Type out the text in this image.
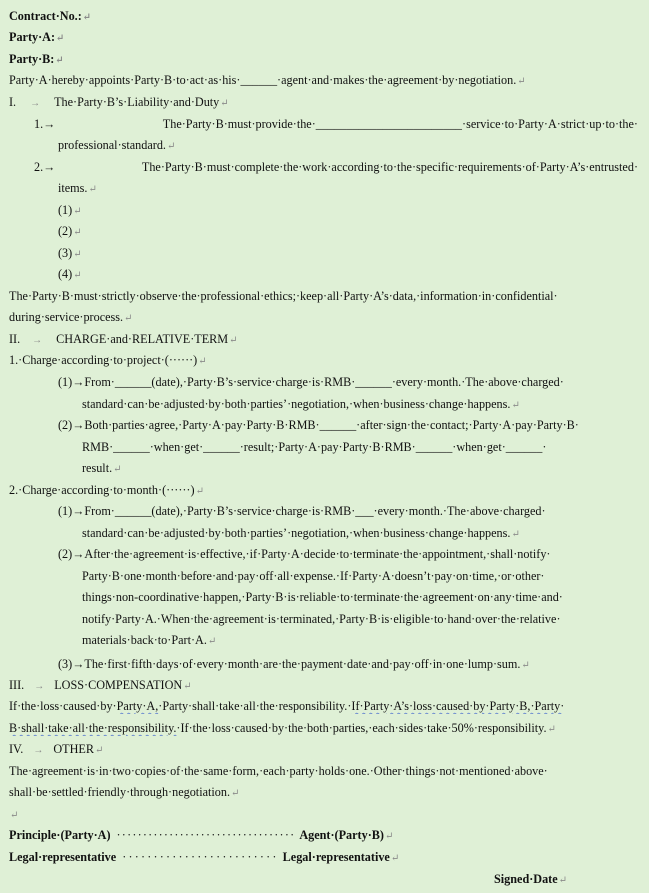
Contract·No.:↵
Party·A:↵
Party·B:↵
Party·A·hereby·appoints·Party·B·to·act·as·his·______·agent·and·makes·the·agreement·by·negotiation.↵
I. → The·Party·B’s·Liability·and·Duty↵
1.→ The·Party·B·must·provide·the·________________________·service·to·Party·A·strict·up·to·the·
professional·standard.↵
2.→ The·Party·B·must·complete·the·work·according·to·the·specific·requirements·of·Party·A’s·entrusted·
items.↵
(1)↵
(2)↵
(3)↵
(4)↵
The·Party·B·must·strictly·observe·the·professional·ethics;·keep·all·Party·A’s·data,·information·in·confidential·
during·service·process.↵
II. → CHARGE·and·RELATIVE·TERM↵
1.·Charge·according·to·project·(······)↵
(1)→From·______(date),·Party·B’s·service·charge·is·RMB·______·every·month.·The·above·charged·
standard·can·be·adjusted·by·both·parties’·negotiation,·when·business·change·happens.↵
(2)→Both·parties·agree,·Party·A·pay·Party·B·RMB·______·after·sign·the·contact;·Party·A·pay·Party·B·
RMB·______·when·get·______·result;·Party·A·pay·Party·B·RMB·______·when·get·______·
result.↵
2.·Charge·according·to·month·(······)↵
(1)→From·______(date),·Party·B’s·service·charge·is·RMB·___·every·month.·The·above·charged·
standard·can·be·adjusted·by·both·parties’·negotiation,·when·business·change·happens.↵
(2)→After·the·agreement·is·effective,·if·Party·A·decide·to·terminate·the·appointment,·shall·notify·
Party·B·one·month·before·and·pay·off·all·expense.·If·Party·A·doesn’t·pay·on·time,·or·other·
things·non-coordinative·happen,·Party·B·is·reliable·to·terminate·the·agreement·on·any·time·and·
notify·Party·A.·When·the·agreement·is·terminated,·Party·B·is·eligible·to·hand·over·the·relative·
materials·back·to·Part·A.↵
(3)→The·first·fifth·days·of·every·month·are·the·payment·date·and·pay·off·in·one·lump·sum.↵
III. → LOSS·COMPENSATION↵
If·the·loss·caused·by·Party·A,·Party·shall·take·all·the·responsibility.·If·Party·A’s·loss·caused·by·Party·B,·Party·
B·shall·take·all·the·responsibility.·If·the·loss·caused·by·the·both·parties,·each·sides·take·50%·responsibility.↵
IV. → OTHER↵
The·agreement·is·in·two·copies·of·the·same·form,·each·party·holds·one.·Other·things·not·mentioned·above·
shall·be·settled·friendly·through·negotiation.↵
↵
Principle·(Party·A) ·································· Agent·(Party·B)↵
Legal·representative ························· Legal·representative↵
Signed·Date↵
